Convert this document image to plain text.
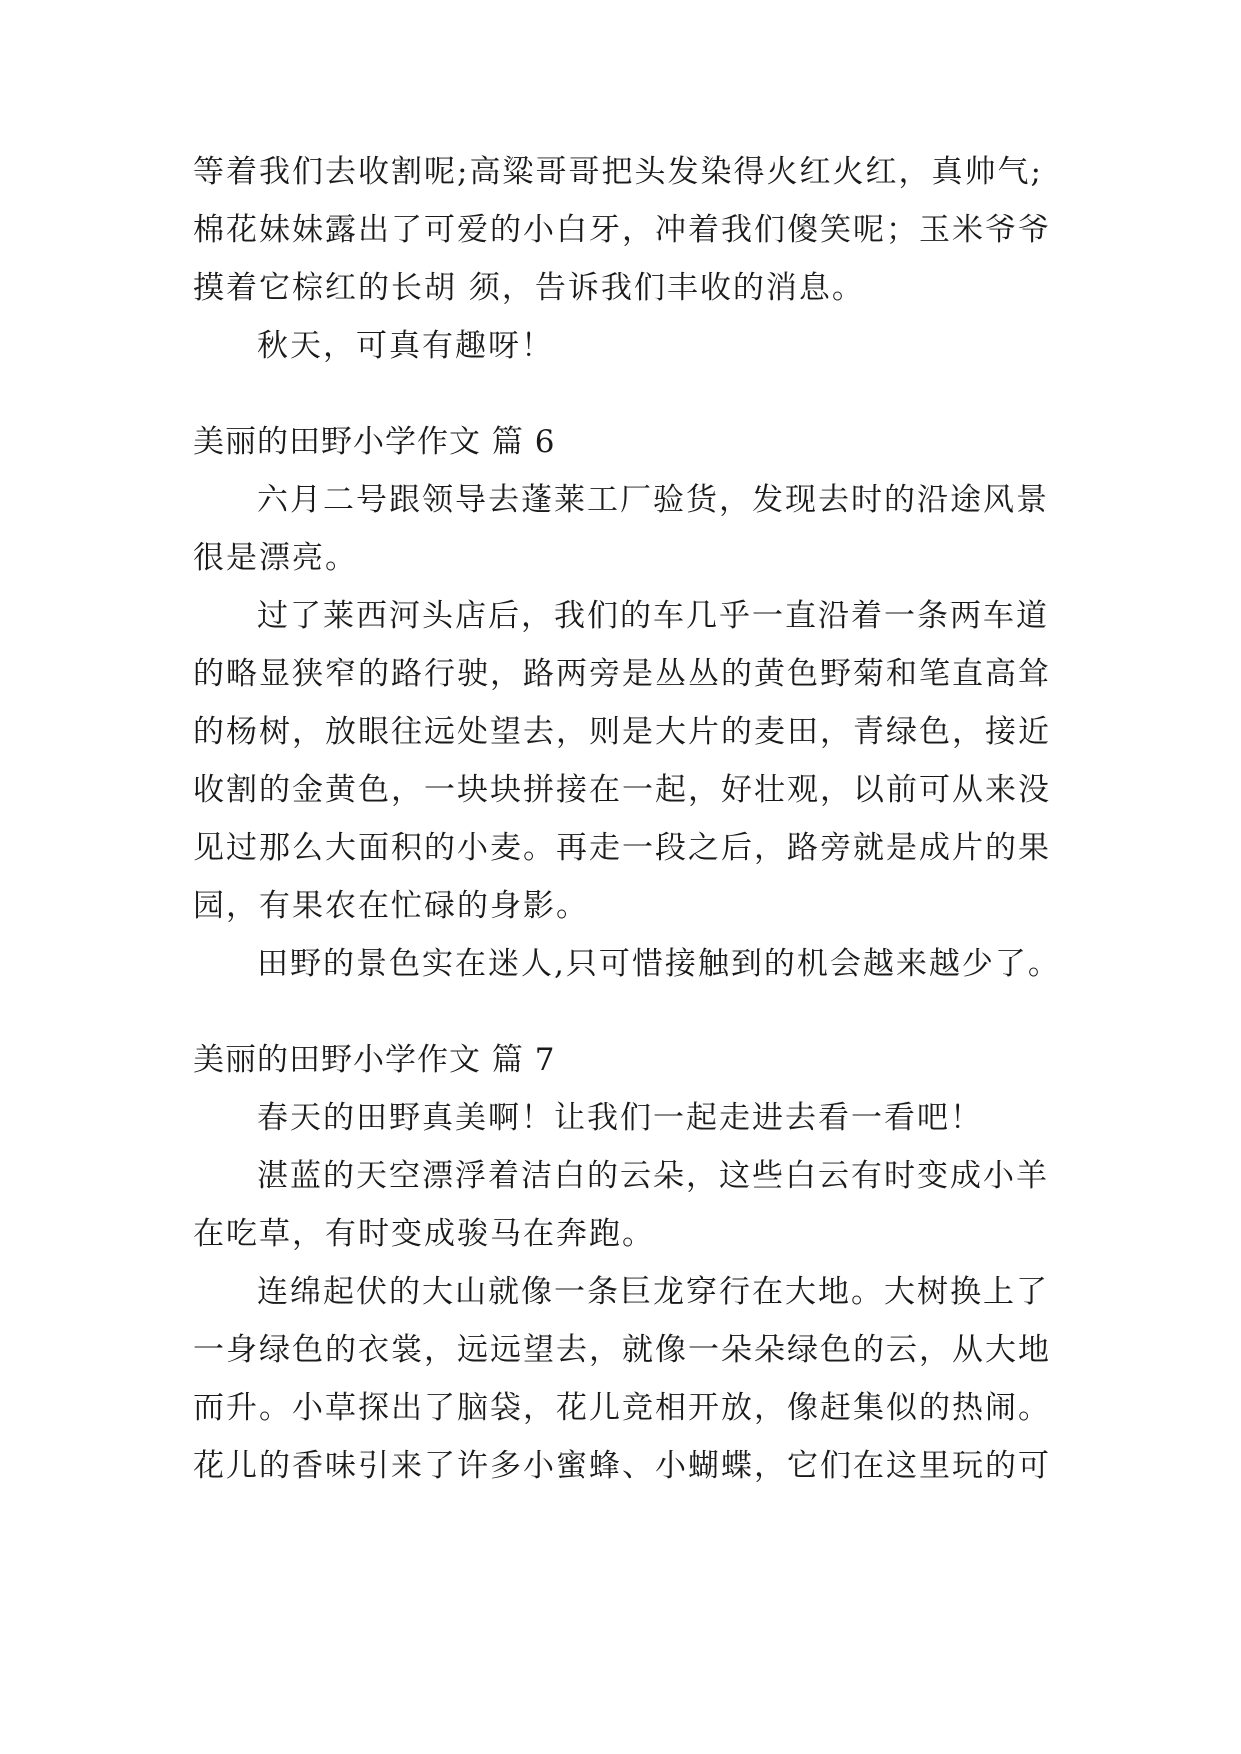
等着我们去收割呢;高粱哥哥把头发染得火红火红，真帅气;
棉花妹妹露出了可爱的小白牙，冲着我们傻笑呢；玉米爷爷
摸着它棕红的长胡 须，告诉我们丰收的消息。
秋天，可真有趣呀！
美丽的田野小学作文 篇 6
六月二号跟领导去蓬莱工厂验货，发现去时的沿途风景
很是漂亮。
过了莱西河头店后，我们的车几乎一直沿着一条两车道
的略显狭窄的路行驶，路两旁是丛丛的黄色野菊和笔直高耸
的杨树，放眼往远处望去，则是大片的麦田，青绿色，接近
收割的金黄色，一块块拼接在一起，好壮观，以前可从来没
见过那么大面积的小麦。再走一段之后，路旁就是成片的果
园，有果农在忙碌的身影。
田野的景色实在迷人,只可惜接触到的机会越来越少了。
美丽的田野小学作文 篇 7
春天的田野真美啊！让我们一起走进去看一看吧！
湛蓝的天空漂浮着洁白的云朵，这些白云有时变成小羊
在吃草，有时变成骏马在奔跑。
连绵起伏的大山就像一条巨龙穿行在大地。大树换上了
一身绿色的衣裳，远远望去，就像一朵朵绿色的云，从大地
而升。小草探出了脑袋，花儿竞相开放，像赶集似的热闹。
花儿的香味引来了许多小蜜蜂、小蝴蝶，它们在这里玩的可
